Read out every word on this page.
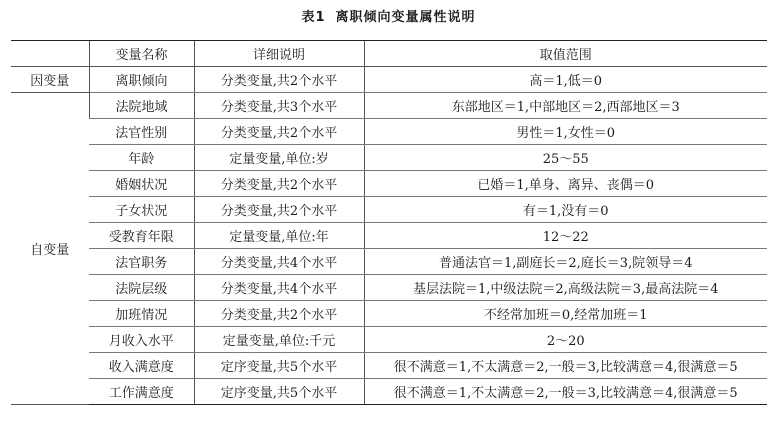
表1 离职倾向变量属性说明
	变量名称	详细说明	取值范围
因变量	离职倾向	分类变量,共2个水平	高＝1,低＝0
自变量	法院地域	分类变量,共3个水平	东部地区＝1,中部地区＝2,西部地区＝3
	法官性别	分类变量,共2个水平	男性＝1,女性＝0
	年龄	定量变量,单位:岁	25～55
	婚姻状况	分类变量,共2个水平	已婚＝1,单身、离异、丧偶＝0
	子女状况	分类变量,共2个水平	有＝1,没有＝0
	受教育年限	定量变量,单位:年	12～22
	法官职务	分类变量,共4个水平	普通法官＝1,副庭长＝2,庭长＝3,院领导＝4
	法院层级	分类变量,共4个水平	基层法院＝1,中级法院＝2,高级法院＝3,最高法院＝4
	加班情况	分类变量,共2个水平	不经常加班＝0,经常加班＝1
	月收入水平	定量变量,单位:千元	2～20
	收入满意度	定序变量,共5个水平	很不满意＝1,不太满意＝2,一般＝3,比较满意＝4,很满意＝5
	工作满意度	定序变量,共5个水平	很不满意＝1,不太满意＝2,一般＝3,比较满意＝4,很满意＝5
